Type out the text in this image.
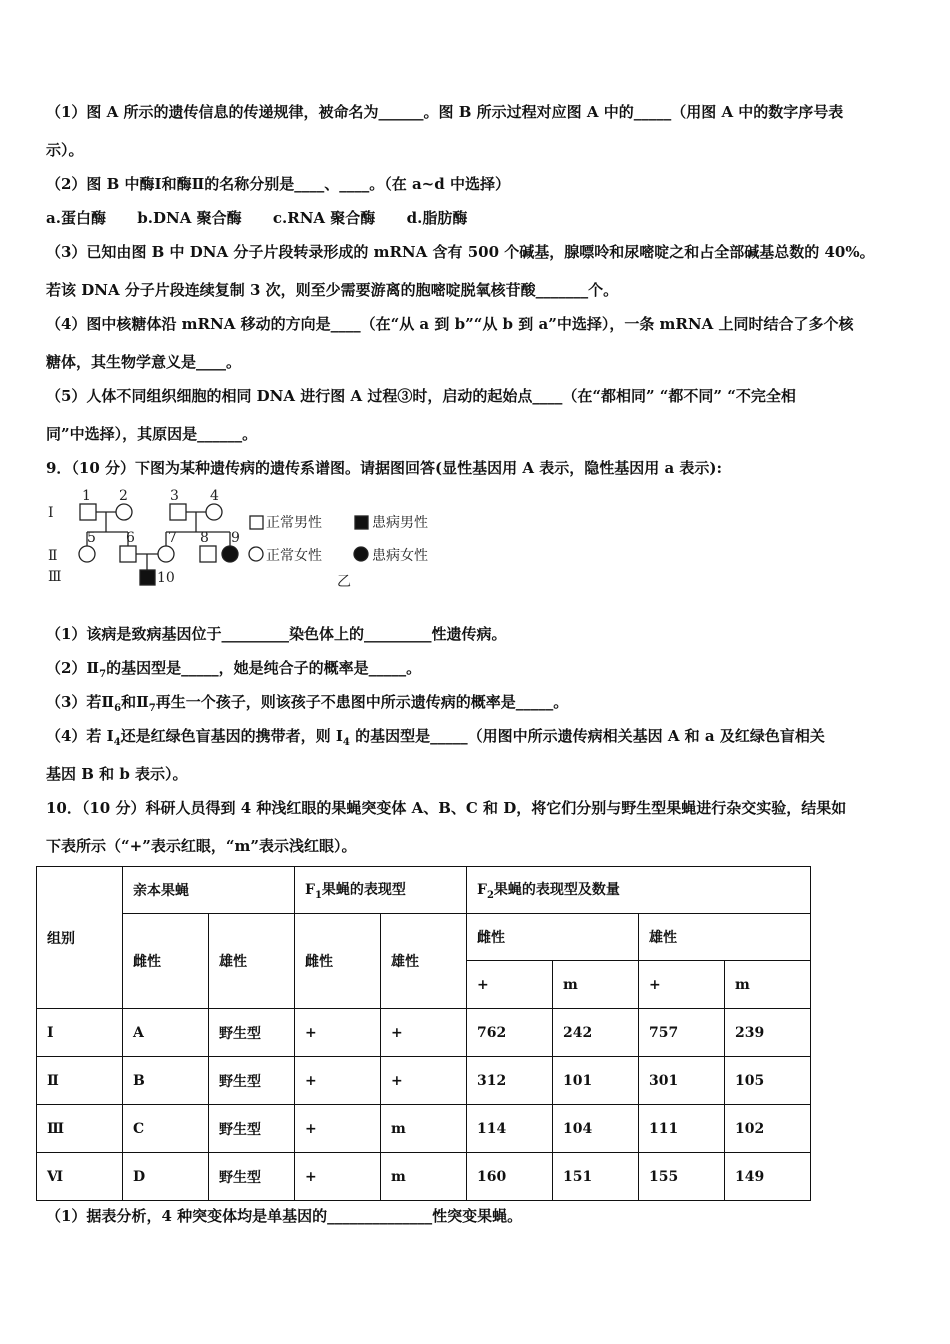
（1）图 A 所示的遗传信息的传递规律，被命名为______。图 B 所示过程对应图 A 中的_____（用图 A 中的数字序号表
示）。
（2）图 B 中酶Ⅰ和酶Ⅱ的名称分别是____、____。（在 a~d 中选择）
a.蛋白酶      b.DNA 聚合酶      c.RNA 聚合酶      d.脂肪酶
（3）已知由图 B 中 DNA 分子片段转录形成的 mRNA 含有 500 个碱基，腺嘌呤和尿嘧啶之和占全部碱基总数的 40%。
若该 DNA 分子片段连续复制 3 次，则至少需要游离的胞嘧啶脱氧核苷酸_______个。
（4）图中核糖体沿 mRNA 移动的方向是____（在“从 a 到 b”“从 b 到 a”中选择），一条 mRNA 上同时结合了多个核
糖体，其生物学意义是____。
（5）人体不同组织细胞的相同 DNA 进行图 A 过程③时，启动的起始点____（在“都相同” “都不同” “不完全相
同”中选择），其原因是______。
9．（10 分）下图为某种遗传病的遗传系谱图。请据图回答(显性基因用 A 表示，隐性基因用 a 表示):
Ⅰ
Ⅱ
Ⅲ
1 2	3 4
5 6 7 8 9
10
正常男性	患病男性
正常女性	患病女性
乙
（1）该病是致病基因位于_________染色体上的_________性遗传病。
$(2)Ⅱ_7$的基因型是_____，她是纯合子的概率是_____。
（3）若$Ⅱ_6$和$Ⅱ_7$再生一个孩子，则该孩子不患图中所示遗传病的概率是_____。
（4）若 $I_4$还是红绿色盲基因的携带者，则 $I_4$ 的基因型是_____（用图中所示遗传病相关基因 A 和 a 及红绿色盲相关
基因 B 和 b 表示）。
10．（10 分）科研人员得到 4 种浅红眼的果蝇突变体 A、B、C 和 D，将它们分别与野生型果蝇进行杂交实验，结果如
下表所示（“+”表示红眼，“m”表示浅红眼）。
组别	亲本果蝇		$F_1$果蝇的表现型		$F_2$果蝇的表现型及数量			
	雌性	雄性	雌性	雄性	雌性		雄性	
					+	m	+	m
Ⅰ	A	野生型	+	+	762	242	757	239
Ⅱ	B	野生型	+	+	312	101	301	105
Ⅲ	C	野生型	+	m	114	104	111	102
Ⅵ	D	野生型	+	m	160	151	155	149
（1）据表分析，4 种突变体均是单基因的______________性突变果蝇。
